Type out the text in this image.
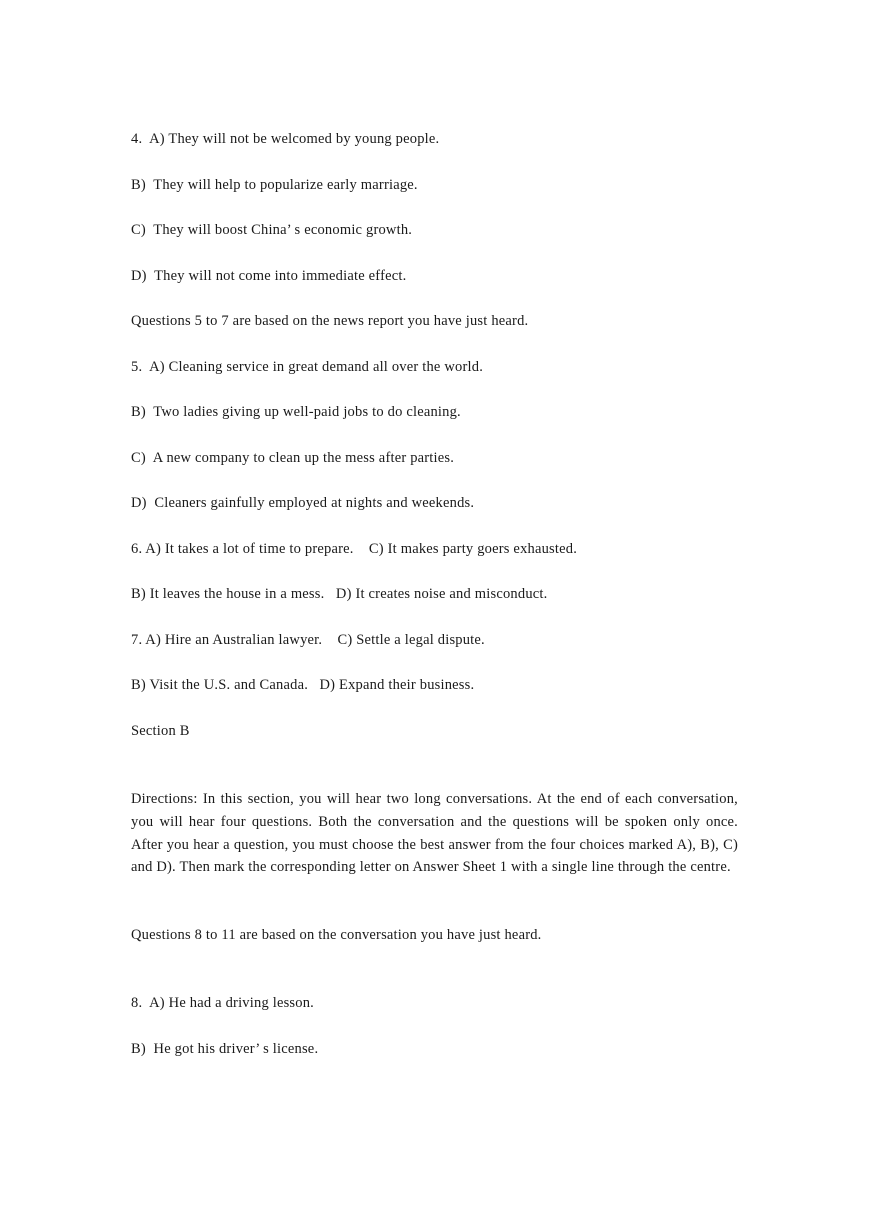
4.  A) They will not be welcomed by young people.
B)  They will help to popularize early marriage.
C)  They will boost China’ s economic growth.
D)  They will not come into immediate effect.
Questions 5 to 7 are based on the news report you have just heard.
5.  A) Cleaning service in great demand all over the world.
B)  Two ladies giving up well-paid jobs to do cleaning.
C)  A new company to clean up the mess after parties.
D)  Cleaners gainfully employed at nights and weekends.
6. A) It takes a lot of time to prepare.    C) It makes party goers exhausted.
B) It leaves the house in a mess.   D) It creates noise and misconduct.
7. A) Hire an Australian lawyer.    C) Settle a legal dispute.
B) Visit the U.S. and Canada.   D) Expand their business.
Section B
Directions: In this section, you will hear two long conversations. At the end of each conversation, you will hear four questions. Both the conversation and the questions will be spoken only once. After you hear a question, you must choose the best answer from the four choices marked A), B), C) and D). Then mark the corresponding letter on Answer Sheet 1 with a single line through the centre.
Questions 8 to 11 are based on the conversation you have just heard.
8.  A) He had a driving lesson.
B)  He got his driver’ s license.
